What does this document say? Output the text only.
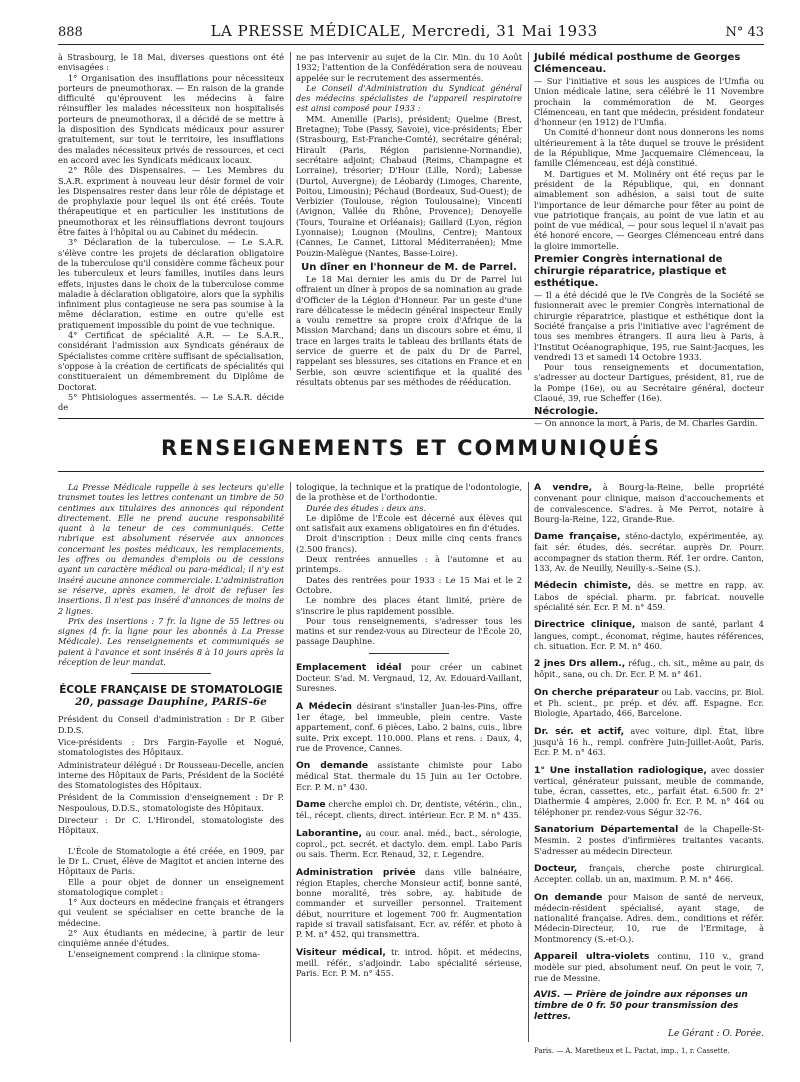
888	LA PRESSE MÉDICALE, Mercredi, 31 Mai 1933	N° 43

à Strasbourg, le 18 Mai, diverses questions ont été envisagées :

1° Organisation des insufflations pour nécessiteux porteurs de pneumothorax. — En raison de la grande difficulté qu'éprouvent les médecins à faire réinsuffler les malades nécessiteux non hospitalisés porteurs de pneumothorax, il a décidé de se mettre à la disposition des Syndicats médicaux pour assurer gratuitement, sur tout le territoire, les insufflations des malades nécessiteux privés de ressources, et ceci en accord avec les Syndicats médicaux locaux.

2° Rôle des Dispensaires. — Les Membres du S.A.R. expriment à nouveau leur désir formel de voir les Dispensaires rester dans leur rôle de dépistage et de prophylaxie pour lequel ils ont été créés. Toute thérapeutique et en particulier les institutions de pneumothorax et les réinsufflations devront toujours être faites à l'hôpital ou au Cabinet du médecin.

3° Déclaration de la tuberculose. — Le S.A.R. s'élève contre les projets de déclaration obligatoire de la tuberculose qu'il considère comme fâcheux pour les tuberculeux et leurs familles, inutiles dans leurs effets, injustes dans le choix de la tuberculose comme maladie à déclaration obligatoire, alors que la syphilis infiniment plus contagieuse ne sera pas soumise à la même déclaration, estime en outre qu'elle est pratiquement impossible du point de vue technique.

4° Certificat de spécialité A.R. — Le S.A.R., considérant l'admission aux Syndicats généraux de Spécialistes comme critère suffisant de spécialisation, s'oppose à la création de certificats de spécialités qui constitueraient un démembrement du Diplôme de Doctorat.

5° Phtisiologues assermentés. — Le S.A.R. décide de

ne pas intervenir au sujet de la Cir. Min. du 10 Août 1932; l'attention de la Confédération sera de nouveau appelée sur le recrutement des assermentés.

Le Conseil d'Administration du Syndicat général des médecins spécialistes de l'appareil respiratoire est ainsi composé pour 1933 :

MM. Amenille (Paris), président; Quelme (Brest, Bretagne); Tobe (Passy, Savoie), vice-présidents; Éber (Strasbourg, Est-Franche-Comté), secrétaire général; Hirault (Paris, Région parisienne-Normandie), secrétaire adjoint; Chabaud (Reims, Champagne et Lorraine), trésorier; D'Hour (Lille, Nord); Labesse (Durtol, Auvergne); de Léobardy (Limoges, Charente, Poitou, Limousin); Péchaud (Bordeaux, Sud-Ouest); de Verbizier (Toulouse, région Toulousaine); Vincenti (Avignon, Vallée du Rhône, Provence); Denoyelle (Tours, Touraine et Orléanais); Gaillard (Lyon, région Lyonnaise); Lougnon (Moulins, Centre); Mantoux (Cannes, Le Cannet, Littoral Méditerranéen); Mme Pouzin-Malègue (Nantes, Basse-Loire).

Un dîner en l'honneur de M. de Parrel.

Le 18 Mai dernier les amis du Dr de Parrel lui offraient un dîner à propos de sa nomination au grade d'Officier de la Légion d'Honneur. Par un geste d'une rare délicatesse le médecin général inspecteur Emily a voulu remettre sa propre croix d'Afrique de la Mission Marchand; dans un discours sobre et ému, il trace en larges traits le tableau des brillants états de service de guerre et de paix du Dr de Parrel, rappelant ses blessures, ses citations en France et en Serbie, son œuvre scientifique et la qualité des résultats obtenus par ses méthodes de rééducation.

Jubilé médical posthume de Georges Clémenceau.

— Sur l'initiative et sous les auspices de l'Umfia ou Union médicale latine, sera célébré le 11 Novembre prochain la commémoration de M. Georges Clémenceau, en tant que médecin, président fondateur d'honneur (en 1912) de l'Umfia.

Un Comité d'honneur dont nous donnerons les noms ultérieurement à la tête duquel se trouve le président de la République, Mme Jacquemaire Clémenceau, la famille Clémenceau, est déjà constitué.

M. Dartigues et M. Molinéry ont été reçus par le président de la République, qui, en donnant aimablement son adhésion, a saisi tout de suite l'importance de leur démarche pour fêter au point de vue patriotique français, au point de vue latin et au point de vue médical, — pour sous lequel il n'avait pas été honoré encore, — Georges Clémenceau entré dans la gloire immortelle.

Premier Congrès international de chirurgie réparatrice, plastique et esthétique.

— Il a été décidé que le IVe Congrès de la Société se fusionnerait avec le premier Congrès international de chirurgie réparatrice, plastique et esthétique dont la Société française a pris l'initiative avec l'agrément de tous ses membres étrangers. Il aura lieu à Paris, à l'Institut Océanographique, 195, rue Saint-Jacques, les vendredi 13 et samedi 14 Octobre 1933.

Pour tous renseignements et documentation, s'adresser au docteur Dartigues, président, 81, rue de la Pompe (16e), ou au Secrétaire général, docteur Claoué, 39, rue Scheffer (16e).

Nécrologie.

— On annonce la mort, à Paris, de M. Charles Gardin.

RENSEIGNEMENTS ET COMMUNIQUÉS

La Presse Médicale rappelle à ses lecteurs qu'elle transmet toutes les lettres contenant un timbre de 50 centimes aux titulaires des annonces qui répondent directement. Elle ne prend aucune responsabilité quant à la teneur de ces communiqués. Cette rubrique est absolument réservée aux annonces concernant les postes médicaux, les remplacements, les offres ou demandes d'emplois ou de cessions ayant un caractère médical ou para-médical; il n'y est inséré aucune annonce commerciale. L'administration se réserve, après examen, le droit de refuser les insertions. Il n'est pas inséré d'annonces de moins de 2 lignes.

Prix des insertions : 7 fr. la ligne de 55 lettres ou signes (4 fr. la ligne pour les abonnés à La Presse Médicale). Les renseignements et communiqués se paient à l'avance et sont insérés 8 à 10 jours après la réception de leur mandat.

ÉCOLE FRANÇAISE DE STOMATOLOGIE

20, passage Dauphine, PARIS-6e

Président du Conseil d'administration : Dr P. Giber D.D.S.

Vice-présidents : Drs Fargin-Fayolle et Nogué, stomatologistes des Hôpitaux.

Administrateur délégué : Dr Rousseau-Decelle, ancien interne des Hôpitaux de Paris, Président de la Société des Stomatologistes des Hôpitaux.

Président de la Commission d'enseignement : Dr P. Nespoulous, D.D.S., stomatologiste des Hôpitaux.

Directeur : Dr C. L'Hirondel, stomatologiste des Hôpitaux.

L'École de Stomatologie a été créée, en 1909, par le Dr L. Cruet, élève de Magitot et ancien interne des Hôpitaux de Paris.

Elle a pour objet de donner un enseignement stomatologique complet :

1° Aux docteurs en médecine français et étrangers qui veulent se spécialiser en cette branche de la médecine.

2° Aux étudiants en médecine, à partir de leur cinquième année d'études.

L'enseignement comprend : la clinique stoma-

tologique, la technique et la pratique de l'odontologie, de la prothèse et de l'orthodontie.

Durée des études : deux ans.

Le diplôme de l'École est décerné aux élèves qui ont satisfait aux examens obligatoires en fin d'études.

Droit d'inscription : Deux mille cinq cents francs (2.500 francs).

Deux rentrées annuelles : à l'automne et au printemps.

Dates des rentrées pour 1933 : Le 15 Mai et le 2 Octobre.

Le nombre des places étant limité, prière de s'inscrire le plus rapidement possible.

Pour tous renseignements, s'adresser tous les matins et sur rendez-vous au Directeur de l'École 20, passage Dauphine.

Emplacement idéal pour créer un cabinet Docteur. S'ad. M. Vergnaud, 12, Av. Edouard-Vaillant, Suresnes.

A Médecin désirant s'installer Juan-les-Pins, offre 1er étage, bel immeuble, plein centre. Vaste appartement, conf. 6 pièces, Labo. 2 bains, cuis., libre suite. Prix except. 110.000. Plans et rens. : Daux, 4, rue de Provence, Cannes.

On demande assistante chimiste pour Labo médical Stat. thermale du 15 Juin au 1er Octobre. Ecr. P. M. n° 430.

Dame cherche emploi ch. Dr, dentiste, vétérin., clin., tél., récept. clients, direct. intérieur. Ecr. P. M. n° 435.

Laborantine, au cour. anal. méd., bact., sérologie, coprol., pct. secrét. et dactylo. dem. empl. Labo Paris ou sais. Therm. Ecr. Renaud, 32, r. Legendre.

Administration privée dans ville balnéaire, région Etaples, cherche Monsieur actif, bonne santé, bonne moralité, très sobre, ay. habitude de commander et surveiller personnel. Traitement début, nourriture et logement 700 fr. Augmentation rapide si travail satisfaisant. Ecr. av. référ. et photo à P. M. n° 452, qui transmettra.

Visiteur médical, tr. introd. hôpit. et médecins, meill. référ., s'adjoindr. Labo spécialité sérieuse, Paris. Ecr. P. M. n° 455.

A vendre, à Bourg-la-Reine, belle propriété convenant pour clinique, maison d'accouchements et de convalescence. S'adres. à Me Perrot, notaire à Bourg-la-Reine, 122, Grande-Rue.

Dame française, sténo-dactylo, expérimentée, ay. fait sér. études, dés. secrétar. auprès Dr. Pourr. accompagner ds station therm. Réf. 1er ordre. Canton, 133, Av. de Neuilly, Neuilly-s.-Seine (S.).

Médecin chimiste, dés. se mettre en rapp. av. Labos de spécial. pharm. pr. fabricat. nouvelle spécialité sér. Ecr. P. M. n° 459.

Directrice clinique, maison de santé, parlant 4 langues, compt., économat, régime, hautes références, ch. situation. Ecr. P. M. n° 460.

2 jnes Drs allem., réfug., ch. sit., même au pair, ds hôpit., sana, ou ch. Dr. Ecr. P. M. n° 461.

On cherche préparateur ou Lab. vaccins, pr. Biol. et Ph. scient., pr. prép. et dév. aff. Espagne. Ecr. Biologie, Apartado, 466, Barcelone.

Dr. sér. et actif, avec voiture, dipl. État, libre jusqu'à 16 h., rempl. confrère Juin-Juillet-Août, Paris. Ecr. P. M. n° 463.

1° Une installation radiologique, avec dossier vertical, générateur puissant, meuble de commande, tube, écran, cassettes, etc., parfait état. 6.500 fr. 2° Diathermie 4 ampères, 2.000 fr. Ecr. P. M. n° 464 ou téléphoner pr. rendez-vous Ségur 32-76.

Sanatorium Départemental de la Chapelle-St-Mesmin. 2 postes d'infirmières traitantes vacants. S'adresser au médecin Directeur.

Docteur, français, cherche poste chirurgical. Accepter. collab. un an, maximum. P. M. n° 466.

On demande pour Maison de santé de nerveux, médecin-résident spécialisé, ayant stage, de nationalité française. Adres. dem., conditions et référ. Médecin-Directeur, 10, rue de l'Ermitage, à Montmorency (S.-et-O.).

Appareil ultra-violets continu, 110 v., grand modèle sur pied, absolument neuf. On peut le voir, 7, rue de Messine.

AVIS. — Prière de joindre aux réponses un timbre de 0 fr. 50 pour transmission des lettres.

Le Gérant : O. Porée.

Paris. — A. Maretheux et L. Pactat, imp., 1, r. Cassette.
